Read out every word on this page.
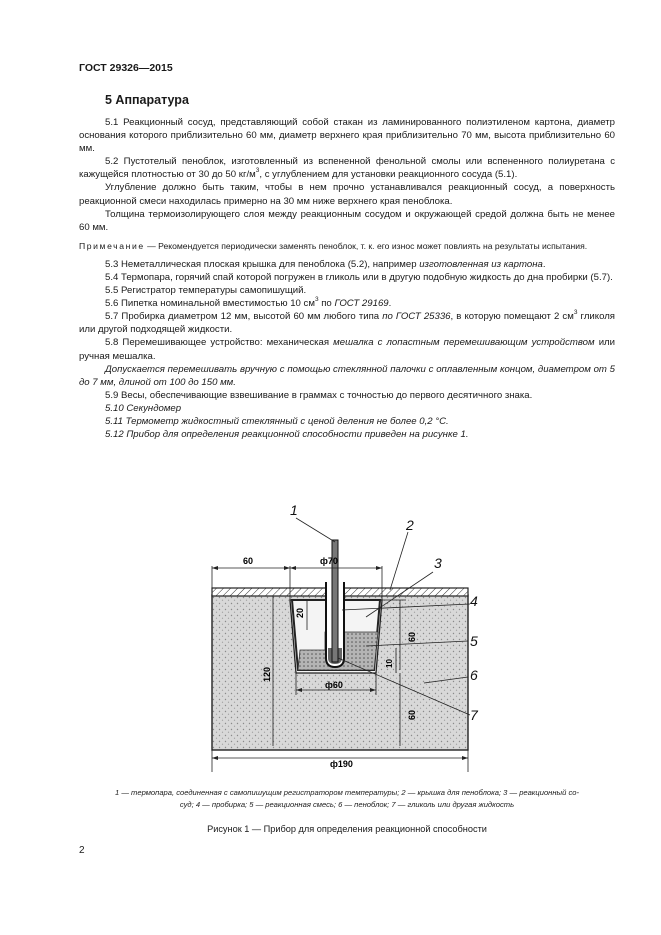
ГОСТ 29326—2015
5 Аппаратура

5.1 Реакционный сосуд, представляющий собой стакан из ламинированного полиэтиленом картона, диаметр основания которого приблизительно 60 мм, диаметр верхнего края приблизительно 70 мм, высота приблизительно 60 мм.

5.2 Пустотелый пеноблок, изготовленный из вспененной фенольной смолы или вспененного полиуретана с кажущейся плотностью от 30 до 50 $кг/м^3$, с углублением для установки реакционного сосуда (5.1).

Углубление должно быть таким, чтобы в нем прочно устанавливался реакционный сосуд, а поверхность реакционной смеси находилась примерно на 30 мм ниже верхнего края пеноблока.

Толщина термоизолирующего слоя между реакционным сосудом и окружающей средой должна быть не менее 60 мм.

Примечание — Рекомендуется периодически заменять пеноблок, т. к. его износ может повлиять на результаты испытания.

5.3 Неметаллическая плоская крышка для пеноблока (5.2), например изготовленная из картона.

5.4 Термопара, горячий спай которой погружен в гликоль или в другую подобную жидкость до дна пробирки (5.7).

5.5 Регистратор температуры самопишущий.

5.6 Пипетка номинальной вместимостью 10 $см^3$ по ГОСТ 29169.

5.7 Пробирка диаметром 12 мм, высотой 60 мм любого типа по ГОСТ 25336, в которую помещают 2 $см^3$ гликоля или другой подходящей жидкости.

5.8 Перемешивающее устройство: механическая мешалка с лопастным перемешивающим устройством или ручная мешалка.

Допускается перемешивать вручную с помощью стеклянной палочки с оплавленным концом, диаметром от 5 до 7 мм, длиной от 100 до 150 мм.

5.9 Весы, обеспечивающие взвешивание в граммах с точностью до первого десятичного знака.

5.10 Секундомер

5.11 Термометр жидкостный стеклянный с ценой деления не более 0,2 °С.

5.12 Прибор для определения реакционной способности приведен на рисунке 1.

60	ф70
ф60
ф190
20
120
60
10
60
1
2
3
4
5
6
7
1 — термопара, соединенная с самопишущим регистратором температуры; 2 — крышка для пеноблока; 3 — реакционный со-
суд; 4 — пробирка; 5 — реакционная смесь; 6 — пеноблок; 7 — гликоль или другая жидкость
Рисунок 1 — Прибор для определения реакционной способности
2
